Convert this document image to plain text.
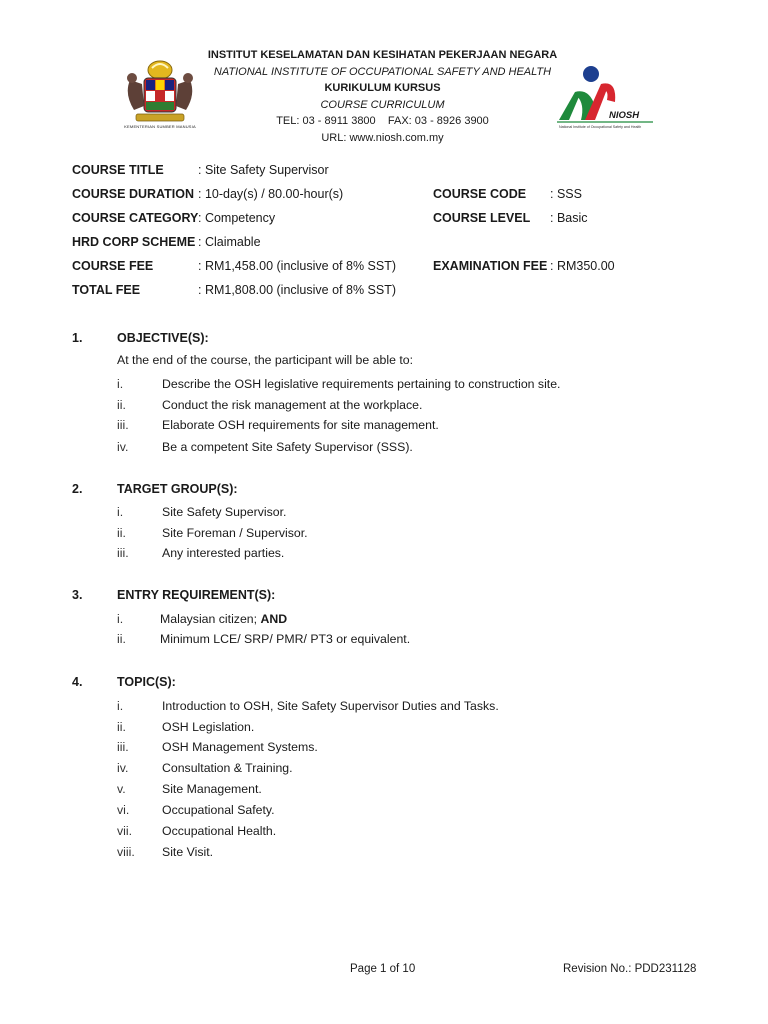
KEMENTERIAN SUMBER MANUSIA
INSTITUT KESELAMATAN DAN KESIHATAN PEKERJAAN NEGARA
NATIONAL INSTITUTE OF OCCUPATIONAL SAFETY AND HEALTH
KURIKULUM KURSUS
COURSE CURRICULUM
TEL: 03 - 8911 3800    FAX: 03 - 8926 3900
URL: www.niosh.com.my
NIOSH
National Institute of Occupational Safety and Health
COURSE TITLE	: Site Safety Supervisor
COURSE DURATION : 10-day(s) / 80.00-hour(s)	COURSE CODE : SSS
COURSE CATEGORY : Competency	COURSE LEVEL : Basic
HRD CORP SCHEME : Claimable
COURSE FEE	: RM1,458.00 (inclusive of 8% SST)	EXAMINATION FEE : RM350.00
TOTAL FEE	: RM1,808.00 (inclusive of 8% SST)
1.	OBJECTIVE(S):
At the end of the course, the participant will be able to:
i.	Describe the OSH legislative requirements pertaining to construction site.
ii.	Conduct the risk management at the workplace.
iii.	Elaborate OSH requirements for site management.
iv.	Be a competent Site Safety Supervisor (SSS).
2.	TARGET GROUP(S):
i.	Site Safety Supervisor.
ii.	Site Foreman / Supervisor.
iii.	Any interested parties.
3.	ENTRY REQUIREMENT(S):
i.	Malaysian citizen; AND
ii.	Minimum LCE/ SRP/ PMR/ PT3 or equivalent.
4.	TOPIC(S):
i.	Introduction to OSH, Site Safety Supervisor Duties and Tasks.
ii.	OSH Legislation.
iii.	OSH Management Systems.
iv.	Consultation & Training.
v.	Site Management.
vi.	Occupational Safety.
vii. Occupational Health.
viii. Site Visit.
Page 1 of 10	Revision No.: PDD231128
